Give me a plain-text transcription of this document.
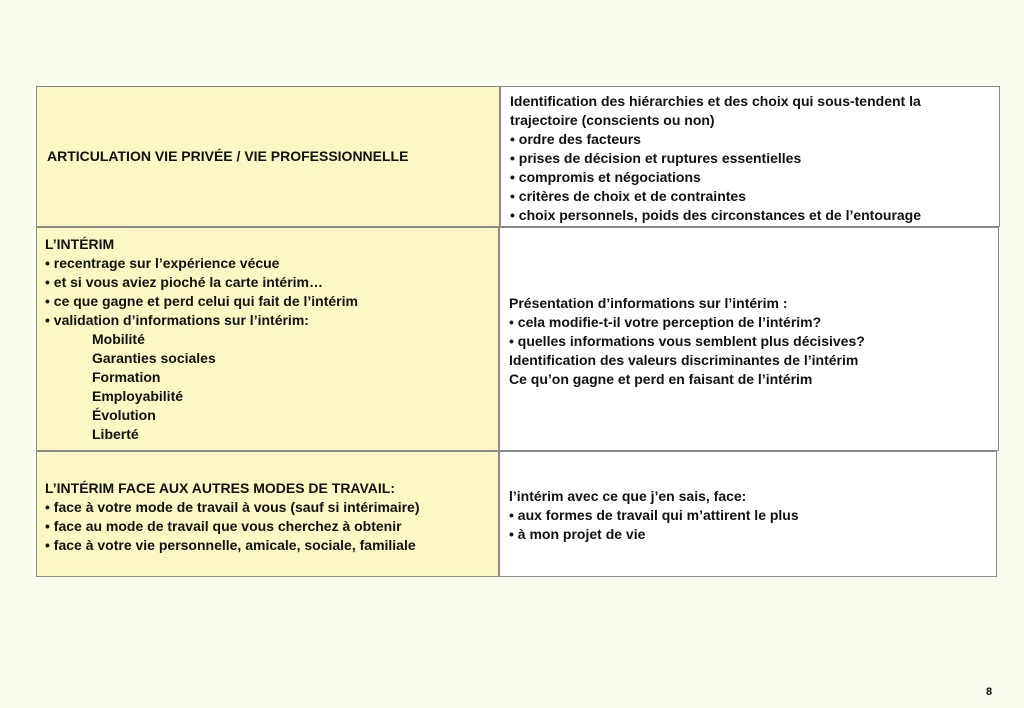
ARTICULATION VIE PRIVÉE / VIE PROFESSIONNELLE
Identification des hiérarchies et des choix qui sous-tendent la
trajectoire (conscients ou non)
• ordre des facteurs
• prises de décision et ruptures essentielles
• compromis et négociations
• critères de choix et de contraintes
• choix personnels, poids des circonstances et de l’entourage
L’INTÉRIM
• recentrage sur l’expérience vécue
• et si vous aviez pioché la carte intérim…
• ce que gagne et perd celui qui fait de l’intérim
• validation d’informations sur l’intérim:
Mobilité
Garanties sociales
Formation
Employabilité
Évolution
Liberté
Présentation d’informations sur l’intérim :
• cela modifie-t-il votre perception de l’intérim?
• quelles informations vous semblent plus décisives?
Identification des valeurs discriminantes de l’intérim
Ce qu’on gagne et perd en faisant de l’intérim
L’INTÉRIM FACE AUX AUTRES MODES DE TRAVAIL:
• face à votre mode de travail à vous (sauf si intérimaire)
• face au mode de travail que vous cherchez à obtenir
• face à votre vie personnelle, amicale, sociale, familiale
l’intérim avec ce que j’en sais, face:
• aux formes de travail qui m’attirent le plus
• à mon projet de vie
8
